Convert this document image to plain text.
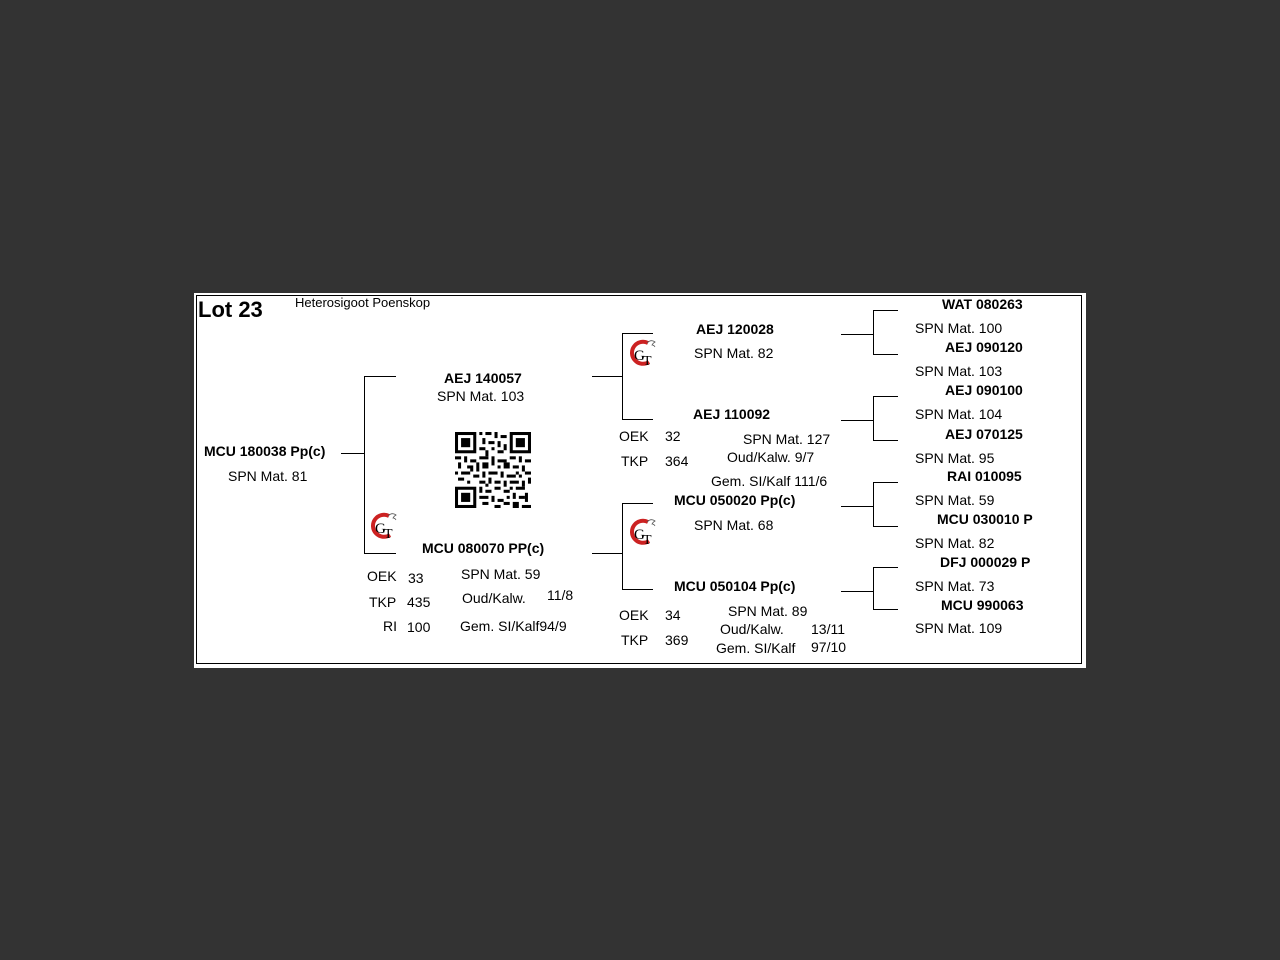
Lot 23 Heterosigoot Poenskop
MCU 180038 Pp(c)
SPN Mat. 81
AEJ 140057
SPN Mat. 103
G
T
MCU 080070 PP(c)
OEK 33
TKP 435
RI 100
SPN Mat. 59
Oud/Kalw. 11/8
Gem. SI/Kalf94/9
G
T
G
T
AEJ 120028
SPN Mat. 82
AEJ 110092
OEK 32
TKP 364
SPN Mat. 127
Oud/Kalw. 9/7
Gem. SI/Kalf 111/6
MCU 050020 Pp(c)
SPN Mat. 68
MCU 050104 Pp(c)
OEK 34
TKP 369
SPN Mat. 89
Oud/Kalw. 13/11
Gem. SI/Kalf 97/10
WAT 080263
SPN Mat. 100
AEJ 090120
SPN Mat. 103
AEJ 090100
SPN Mat. 104
AEJ 070125
SPN Mat. 95
RAI 010095
SPN Mat. 59
MCU 030010 P
SPN Mat. 82
DFJ 000029 P
SPN Mat. 73
MCU 990063
SPN Mat. 109
